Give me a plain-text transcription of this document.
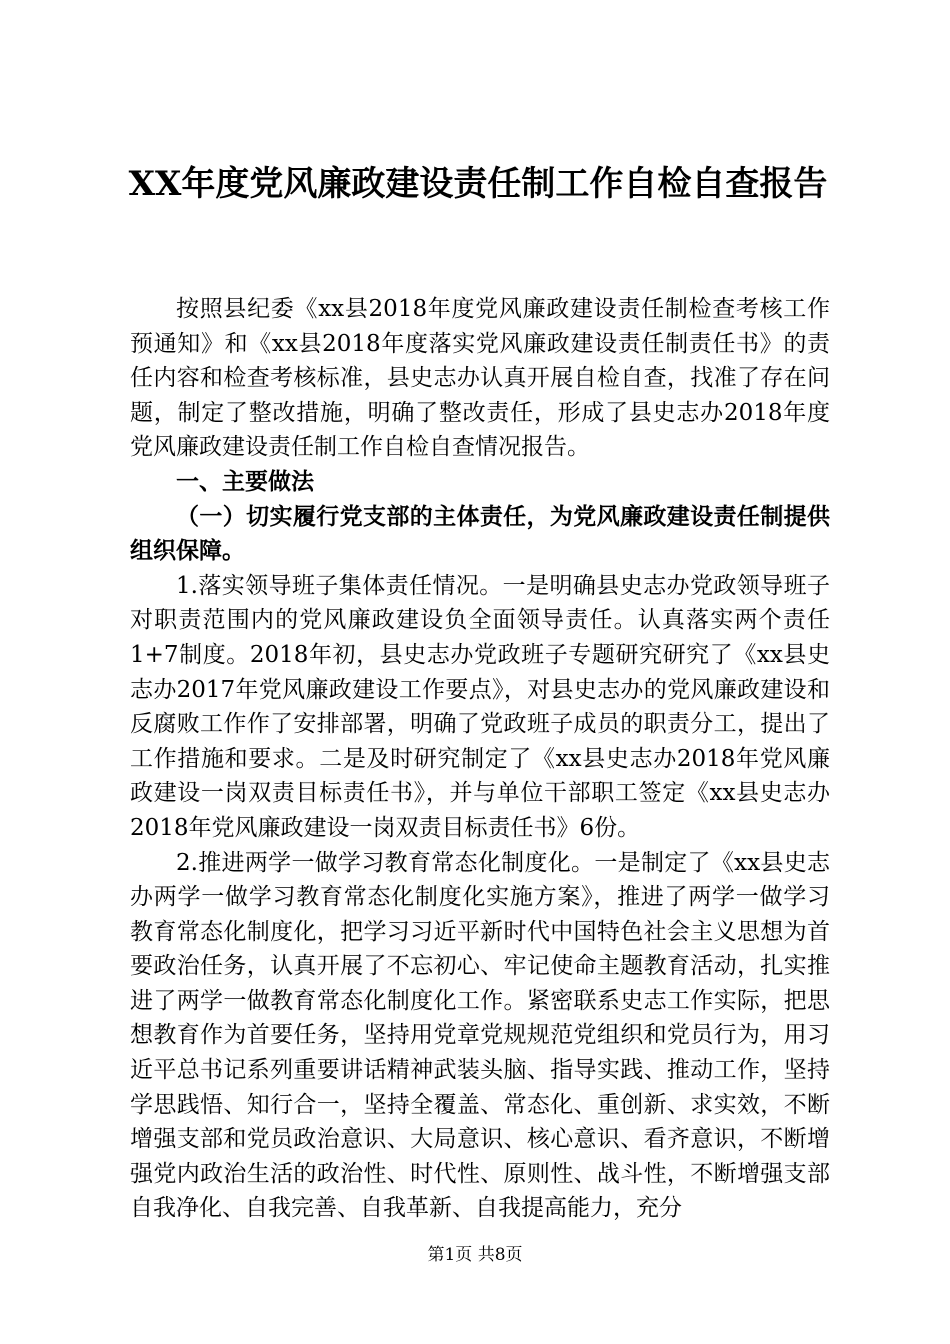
XX年度党风廉政建设责任制工作自检自查报告

按照县纪委《xx县2018年度党风廉政建设责任制检查考核工作预通知》和《xx县2018年度落实党风廉政建设责任制责任书》的责任内容和检查考核标准，县史志办认真开展自检自查，找准了存在问题，制定了整改措施，明确了整改责任，形成了县史志办2018年度党风廉政建设责任制工作自检自查情况报告。

一、主要做法

（一）切实履行党支部的主体责任，为党风廉政建设责任制提供组织保障。

1.落实领导班子集体责任情况。一是明确县史志办党政领导班子对职责范围内的党风廉政建设负全面领导责任。认真落实两个责任1+7制度。2018年初，县史志办党政班子专题研究研究了《xx县史志办2017年党风廉政建设工作要点》，对县史志办的党风廉政建设和反腐败工作作了安排部署，明确了党政班子成员的职责分工，提出了工作措施和要求。二是及时研究制定了《xx县史志办2018年党风廉政建设一岗双责目标责任书》，并与单位干部职工签定《xx县史志办2018年党风廉政建设一岗双责目标责任书》6份。

2.推进两学一做学习教育常态化制度化。一是制定了《xx县史志办两学一做学习教育常态化制度化实施方案》，推进了两学一做学习教育常态化制度化，把学习习近平新时代中国特色社会主义思想为首要政治任务，认真开展了不忘初心、牢记使命主题教育活动，扎实推进了两学一做教育常态化制度化工作。紧密联系史志工作实际，把思想教育作为首要任务，坚持用党章党规规范党组织和党员行为，用习近平总书记系列重要讲话精神武装头脑、指导实践、推动工作，坚持学思践悟、知行合一，坚持全覆盖、常态化、重创新、求实效，不断增强支部和党员政治意识、大局意识、核心意识、看齐意识，不断增强党内政治生活的政治性、时代性、原则性、战斗性，不断增强支部自我净化、自我完善、自我革新、自我提高能力，充分

第1页 共8页
